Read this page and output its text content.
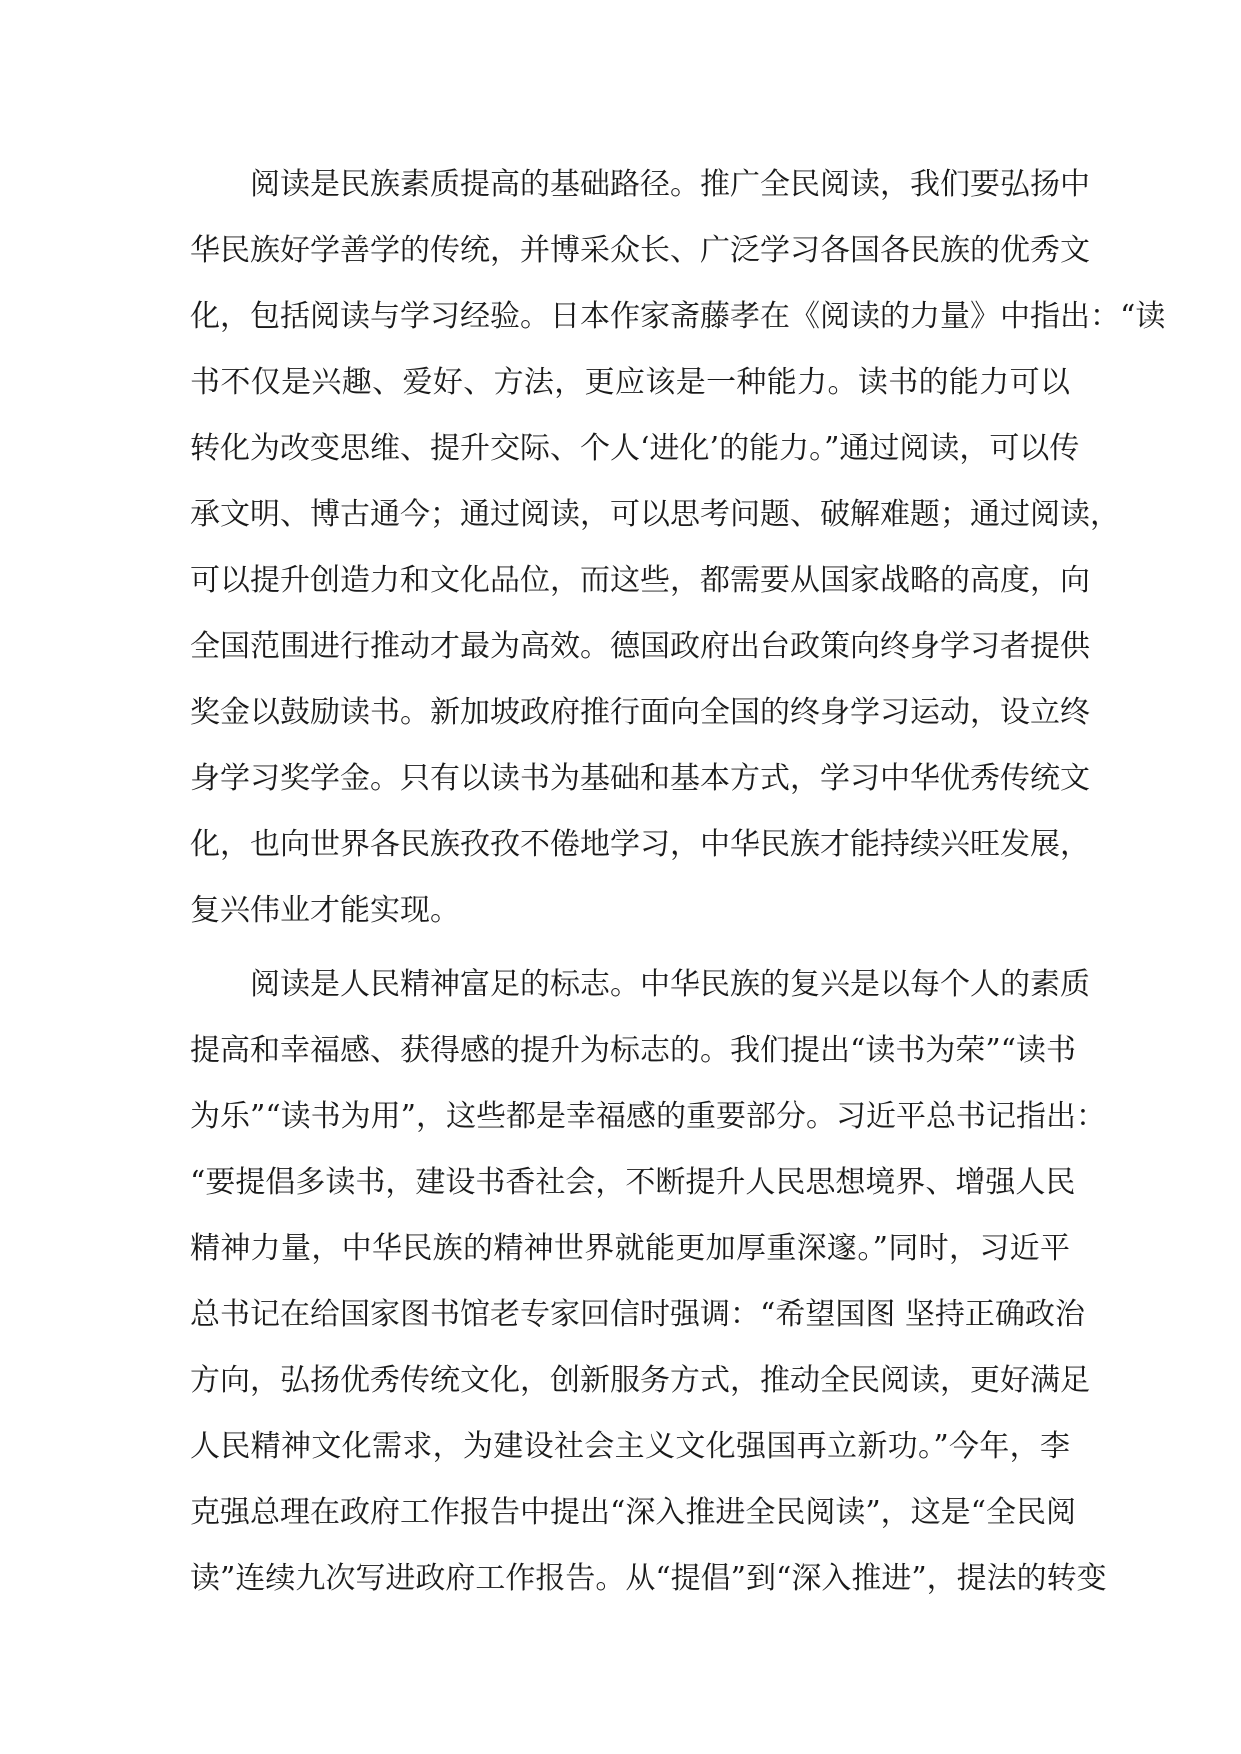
阅读是民族素质提高的基础路径。推广全民阅读，我们要弘扬中
华民族好学善学的传统，并博采众长、广泛学习各国各民族的优秀文
化，包括阅读与学习经验。日本作家斋藤孝在《阅读的力量》中指出：“读
书不仅是兴趣、爱好、方法，更应该是一种能力。读书的能力可以
转化为改变思维、提升交际、个人‘进化’的能力。”通过阅读，可以传
承文明、博古通今；通过阅读，可以思考问题、破解难题；通过阅读，
可以提升创造力和文化品位，而这些，都需要从国家战略的高度，向
全国范围进行推动才最为高效。德国政府出台政策向终身学习者提供
奖金以鼓励读书。新加坡政府推行面向全国的终身学习运动，设立终
身学习奖学金。只有以读书为基础和基本方式，学习中华优秀传统文
化，也向世界各民族孜孜不倦地学习，中华民族才能持续兴旺发展，
复兴伟业才能实现。
阅读是人民精神富足的标志。中华民族的复兴是以每个人的素质
提高和幸福感、获得感的提升为标志的。我们提出“读书为荣”“读书
为乐”“读书为用”，这些都是幸福感的重要部分。习近平总书记指出：
“要提倡多读书，建设书香社会，不断提升人民思想境界、增强人民
精神力量，中华民族的精神世界就能更加厚重深邃。”同时，习近平
总书记在给国家图书馆老专家回信时强调：“希望国图 坚持正确政治
方向，弘扬优秀传统文化，创新服务方式，推动全民阅读，更好满足
人民精神文化需求，为建设社会主义文化强国再立新功。”今年，李
克强总理在政府工作报告中提出“深入推进全民阅读”，这是“全民阅
读”连续九次写进政府工作报告。从“提倡”到“深入推进”，提法的转变
